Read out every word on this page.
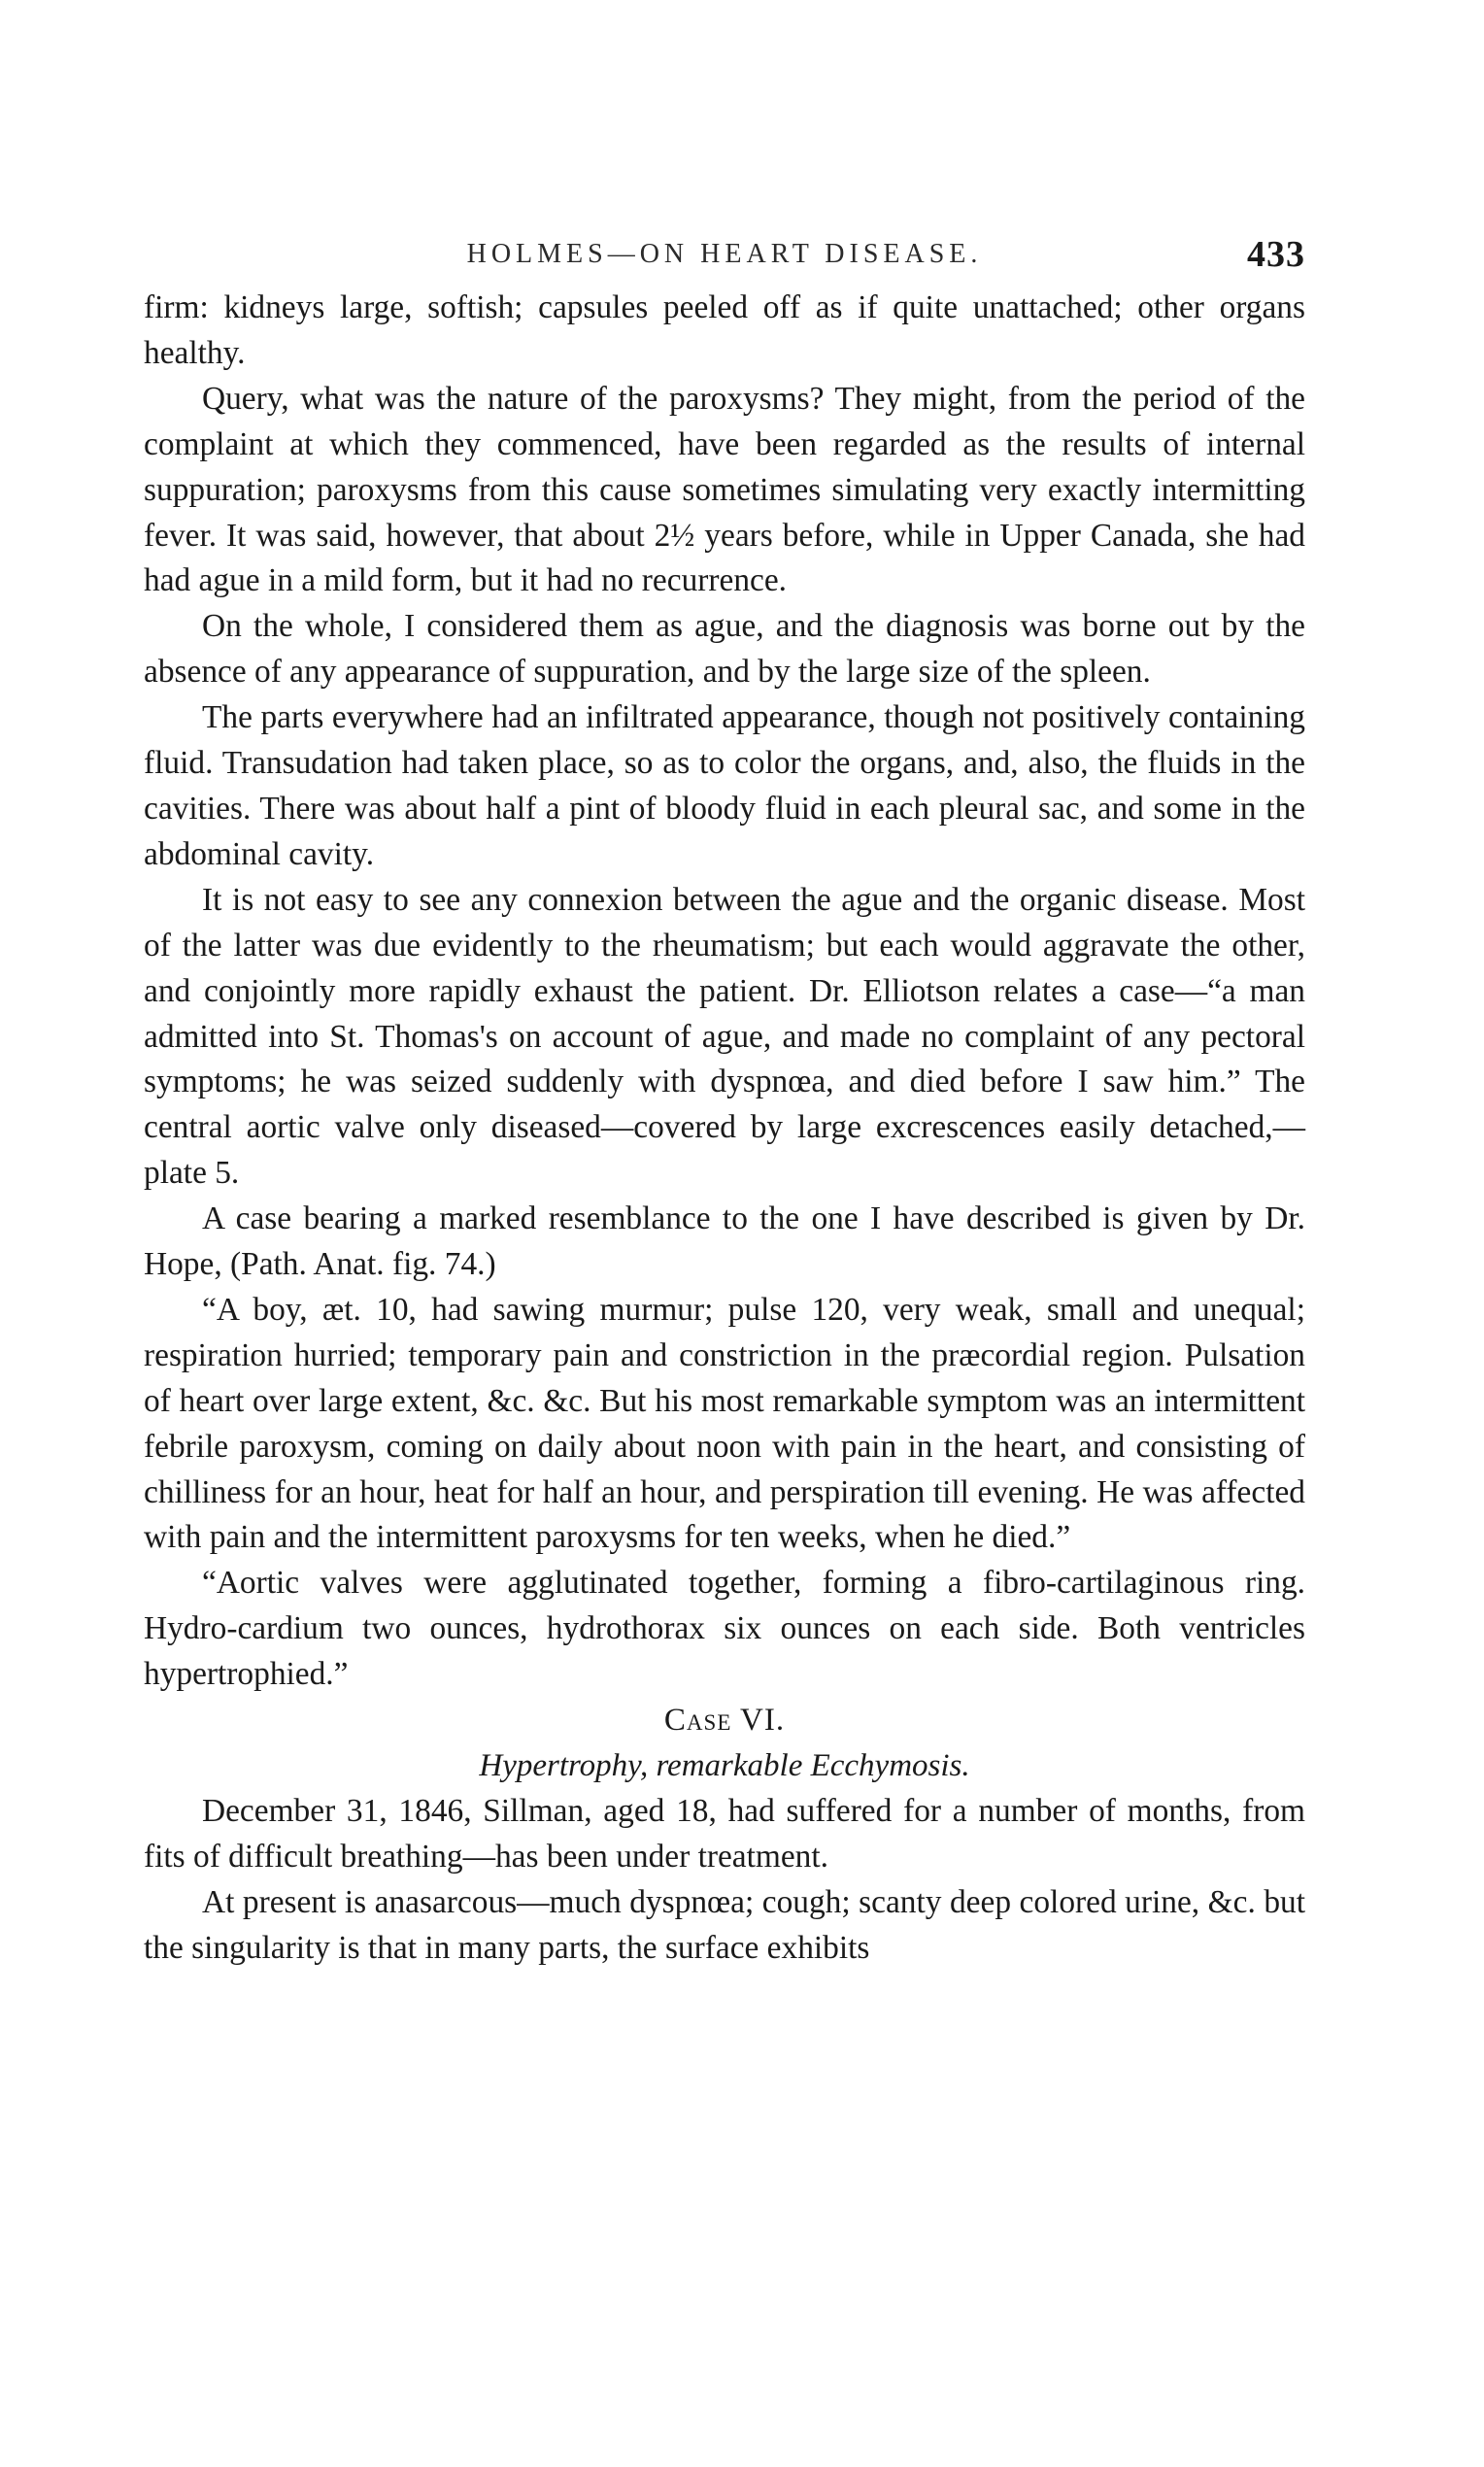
HOLMES—ON HEART DISEASE.	433

firm: kidneys large, softish; capsules peeled off as if quite unattached; other organs healthy.

Query, what was the nature of the paroxysms? They might, from the period of the complaint at which they commenced, have been regarded as the results of internal suppuration; paroxysms from this cause sometimes simulating very exactly intermitting fever. It was said, however, that about 2½ years before, while in Upper Canada, she had had ague in a mild form, but it had no recurrence.

On the whole, I considered them as ague, and the diagnosis was borne out by the absence of any appearance of suppuration, and by the large size of the spleen.

The parts everywhere had an infiltrated appearance, though not positively containing fluid. Transudation had taken place, so as to color the organs, and, also, the fluids in the cavities. There was about half a pint of bloody fluid in each pleural sac, and some in the abdominal cavity.

It is not easy to see any connexion between the ague and the organic disease. Most of the latter was due evidently to the rheumatism; but each would aggravate the other, and conjointly more rapidly exhaust the patient. Dr. Elliotson relates a case—“a man admitted into St. Thomas's on account of ague, and made no complaint of any pectoral symptoms; he was seized suddenly with dyspnœa, and died before I saw him.” The central aortic valve only diseased—covered by large excrescences easily detached,—plate 5.

A case bearing a marked resemblance to the one I have described is given by Dr. Hope, (Path. Anat. fig. 74.)

“A boy, æt. 10, had sawing murmur; pulse 120, very weak, small and unequal; respiration hurried; temporary pain and constriction in the præcordial region. Pulsation of heart over large extent, &c. &c. But his most remarkable symptom was an intermittent febrile paroxysm, coming on daily about noon with pain in the heart, and consisting of chilliness for an hour, heat for half an hour, and perspiration till evening. He was affected with pain and the intermittent paroxysms for ten weeks, when he died.”

“Aortic valves were agglutinated together, forming a fibro-cartilaginous ring. Hydro-cardium two ounces, hydrothorax six ounces on each side. Both ventricles hypertrophied.”

Case VI.
Hypertrophy, remarkable Ecchymosis.

December 31, 1846, Sillman, aged 18, had suffered for a number of months, from fits of difficult breathing—has been under treatment.

At present is anasarcous—much dyspnœa; cough; scanty deep colored urine, &c. but the singularity is that in many parts, the surface exhibits
